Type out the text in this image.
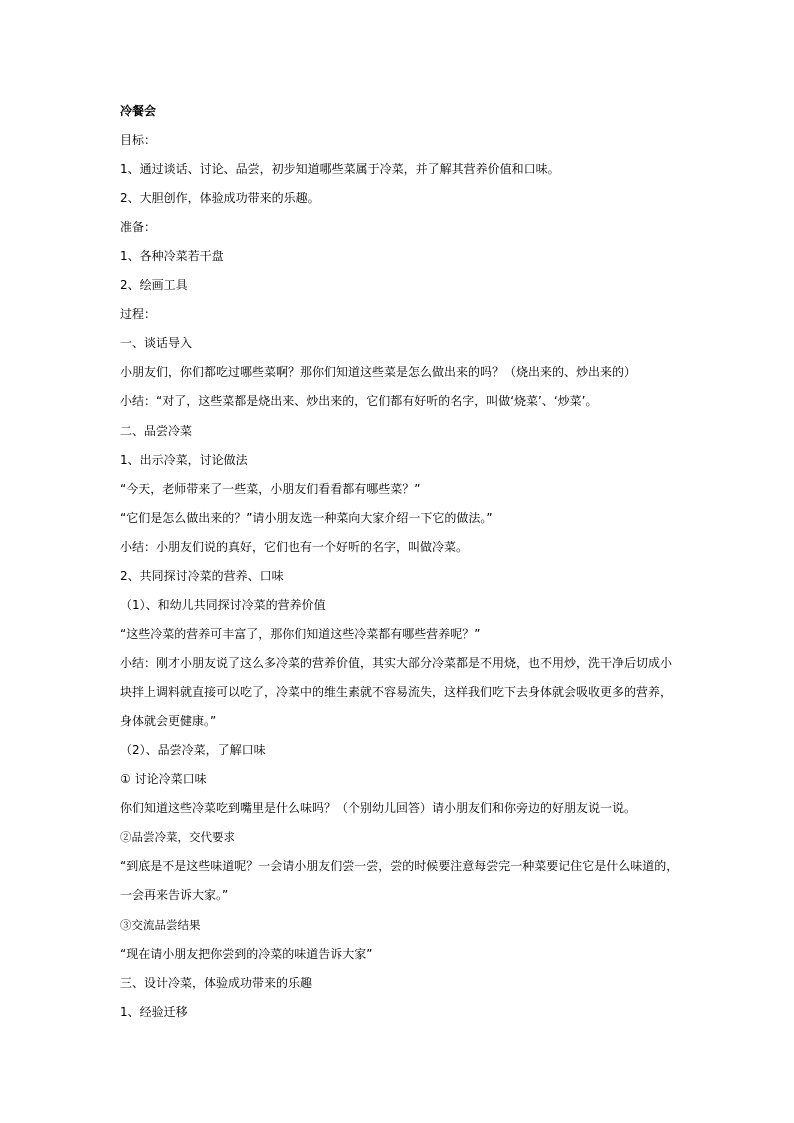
冷餐会
目标：
1、通过谈话、讨论、品尝，初步知道哪些菜属于冷菜，并了解其营养价值和口味。
2、大胆创作，体验成功带来的乐趣。
准备：
1、各种冷菜若干盘
2、绘画工具
过程：
一、谈话导入
小朋友们，你们都吃过哪些菜啊？那你们知道这些菜是怎么做出来的吗？（烧出来的、炒出来的）
小结：“对了，这些菜都是烧出来、炒出来的，它们都有好听的名字，叫做‘烧菜’、‘炒菜’。
二、品尝冷菜
1、出示冷菜，讨论做法
“今天，老师带来了一些菜，小朋友们看看都有哪些菜？”
“它们是怎么做出来的？”请小朋友选一种菜向大家介绍一下它的做法。”
小结：小朋友们说的真好，它们也有一个好听的名字，叫做冷菜。
2、共同探讨冷菜的营养、口味
（1）、和幼儿共同探讨冷菜的营养价值
“这些冷菜的营养可丰富了，那你们知道这些冷菜都有哪些营养呢？”
小结：刚才小朋友说了这么多冷菜的营养价值，其实大部分冷菜都是不用烧，也不用炒，洗干净后切成小
块拌上调料就直接可以吃了，冷菜中的维生素就不容易流失，这样我们吃下去身体就会吸收更多的营养，
身体就会更健康。”
（2）、品尝冷菜，了解口味
① 讨论冷菜口味
你们知道这些冷菜吃到嘴里是什么味吗？（个别幼儿回答）请小朋友们和你旁边的好朋友说一说。
②品尝冷菜，交代要求
“到底是不是这些味道呢？一会请小朋友们尝一尝，尝的时候要注意每尝完一种菜要记住它是什么味道的，
一会再来告诉大家。”
③交流品尝结果
“现在请小朋友把你尝到的冷菜的味道告诉大家”
三、设计冷菜，体验成功带来的乐趣
1、经验迁移
